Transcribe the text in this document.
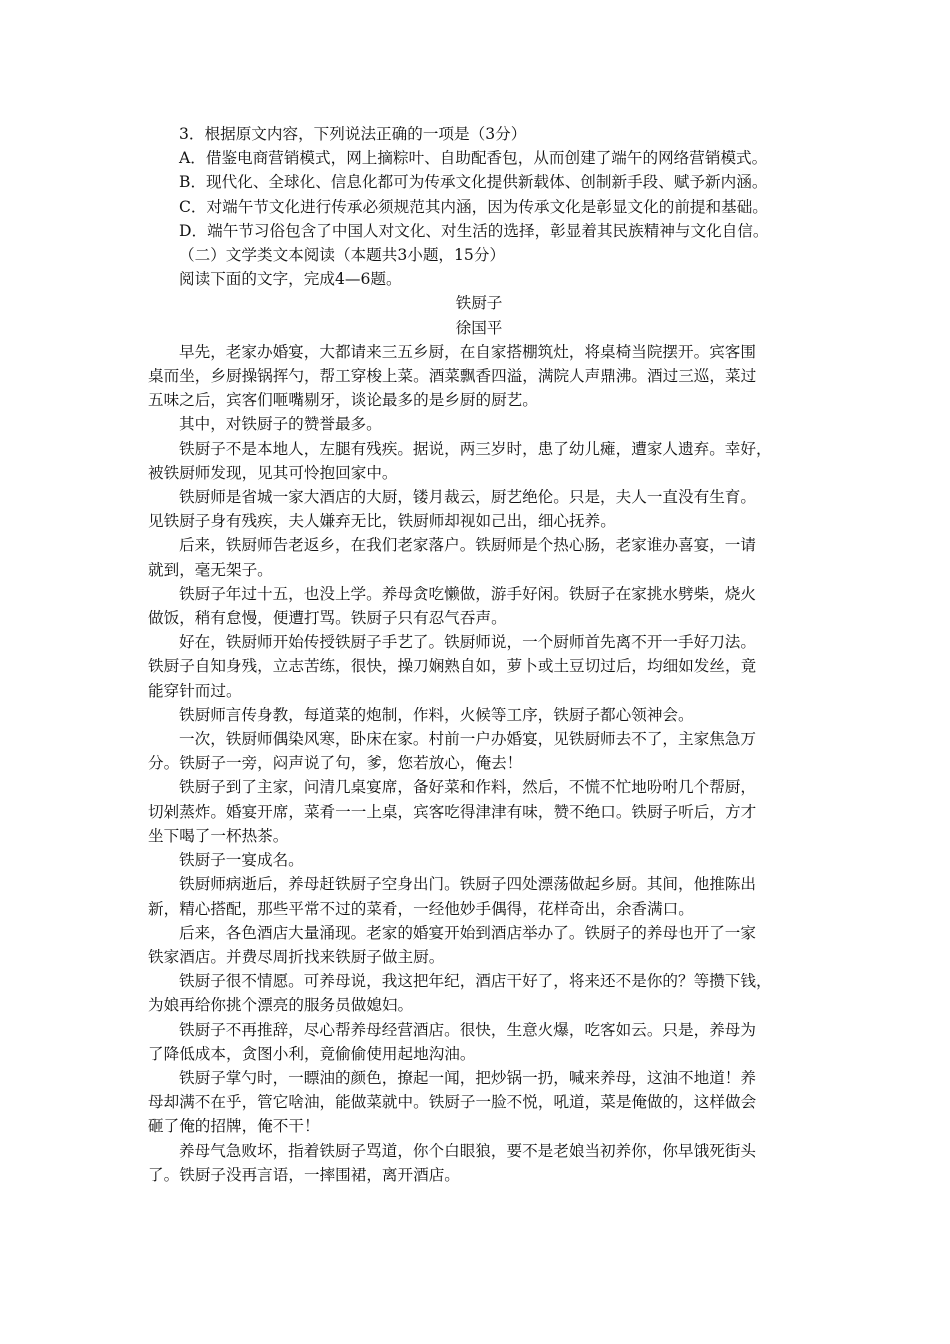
3．根据原文内容，下列说法正确的一项是（3分）
A．借鉴电商营销模式，网上摘粽叶、自助配香包，从而创建了端午的网络营销模式。
B．现代化、全球化、信息化都可为传承文化提供新载体、创制新手段、赋予新内涵。
C．对端午节文化进行传承必须规范其内涵，因为传承文化是彰显文化的前提和基础。
D．端午节习俗包含了中国人对文化、对生活的选择，彰显着其民族精神与文化自信。
（二）文学类文本阅读（本题共3小题，15分）
阅读下面的文字，完成4—6题。
铁厨子
徐国平
早先，老家办婚宴，大都请来三五乡厨，在自家搭棚筑灶，将桌椅当院摆开。宾客围
桌而坐，乡厨操锅挥勺，帮工穿梭上菜。酒菜飘香四溢，满院人声鼎沸。酒过三巡，菜过
五味之后，宾客们咂嘴剔牙，谈论最多的是乡厨的厨艺。
其中，对铁厨子的赞誉最多。
铁厨子不是本地人，左腿有残疾。据说，两三岁时，患了幼儿瘫，遭家人遗弃。幸好，
被铁厨师发现，见其可怜抱回家中。
铁厨师是省城一家大酒店的大厨，镂月裁云，厨艺绝伦。只是，夫人一直没有生育。
见铁厨子身有残疾，夫人嫌弃无比，铁厨师却视如己出，细心抚养。
后来，铁厨师告老返乡，在我们老家落户。铁厨师是个热心肠，老家谁办喜宴，一请
就到，毫无架子。
铁厨子年过十五，也没上学。养母贪吃懒做，游手好闲。铁厨子在家挑水劈柴，烧火
做饭，稍有怠慢，便遭打骂。铁厨子只有忍气吞声。
好在，铁厨师开始传授铁厨子手艺了。铁厨师说，一个厨师首先离不开一手好刀法。
铁厨子自知身残，立志苦练，很快，操刀娴熟自如，萝卜或土豆切过后，均细如发丝，竟
能穿针而过。
铁厨师言传身教，每道菜的炮制，作料，火候等工序，铁厨子都心领神会。
一次，铁厨师偶染风寒，卧床在家。村前一户办婚宴，见铁厨师去不了，主家焦急万
分。铁厨子一旁，闷声说了句，爹，您若放心，俺去！
铁厨子到了主家，问清几桌宴席，备好菜和作料，然后，不慌不忙地吩咐几个帮厨，
切剁蒸炸。婚宴开席，菜肴一一上桌，宾客吃得津津有味，赞不绝口。铁厨子听后，方才
坐下喝了一杯热茶。
铁厨子一宴成名。
铁厨师病逝后，养母赶铁厨子空身出门。铁厨子四处漂荡做起乡厨。其间，他推陈出
新，精心搭配，那些平常不过的菜肴，一经他妙手偶得，花样奇出，余香满口。
后来，各色酒店大量涌现。老家的婚宴开始到酒店举办了。铁厨子的养母也开了一家
铁家酒店。并费尽周折找来铁厨子做主厨。
铁厨子很不情愿。可养母说，我这把年纪，酒店干好了，将来还不是你的？等攒下钱，
为娘再给你挑个漂亮的服务员做媳妇。
铁厨子不再推辞，尽心帮养母经营酒店。很快，生意火爆，吃客如云。只是，养母为
了降低成本，贪图小利，竟偷偷使用起地沟油。
铁厨子掌勺时，一瞟油的颜色，撩起一闻，把炒锅一扔，喊来养母，这油不地道！养
母却满不在乎，管它啥油，能做菜就中。铁厨子一脸不悦，吼道，菜是俺做的，这样做会
砸了俺的招牌，俺不干！
养母气急败坏，指着铁厨子骂道，你个白眼狼，要不是老娘当初养你，你早饿死街头
了。铁厨子没再言语，一摔围裙，离开酒店。
